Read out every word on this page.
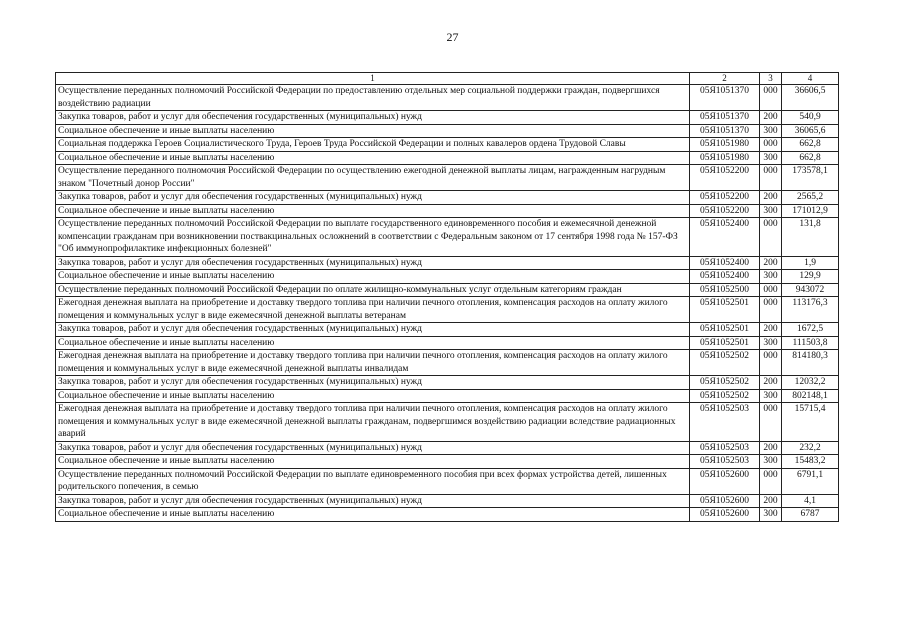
27
1	2	3	4
Осуществление переданных полномочий Российской Федерации по предоставлению отдельных мер социальной поддержки граждан, подвергшихся воздействию радиации	05Я1051370	000	36606,5
Закупка товаров, работ и услуг для обеспечения государственных (муниципальных) нужд	05Я1051370	200	540,9
Социальное обеспечение и иные выплаты населению	05Я1051370	300	36065,6
Социальная поддержка Героев Социалистического Труда, Героев Труда Российской Федерации и полных кавалеров ордена Трудовой Славы	05Я1051980	000	662,8
Социальное обеспечение и иные выплаты населению	05Я1051980	300	662,8
Осуществление переданного полномочия Российской Федерации по осуществлению ежегодной денежной выплаты лицам, награжденным нагрудным знаком "Почетный донор России"	05Я1052200	000	173578,1
Закупка товаров, работ и услуг для обеспечения государственных (муниципальных) нужд	05Я1052200	200	2565,2
Социальное обеспечение и иные выплаты населению	05Я1052200	300	171012,9
Осуществление переданных полномочий Российской Федерации по выплате государственного единовременного пособия и ежемесячной денежной компенсации гражданам при возникновении поствакцинальных осложнений в соответствии с Федеральным законом от 17 сентября 1998 года № 157-ФЗ "Об иммунопрофилактике инфекционных болезней"	05Я1052400	000	131,8
Закупка товаров, работ и услуг для обеспечения государственных (муниципальных) нужд	05Я1052400	200	1,9
Социальное обеспечение и иные выплаты населению	05Я1052400	300	129,9
Осуществление переданных полномочий Российской Федерации по оплате жилищно-коммунальных услуг отдельным категориям граждан	05Я1052500	000	943072
Ежегодная денежная выплата на приобретение и доставку твердого топлива при наличии печного отопления, компенсация расходов на оплату жилого помещения и коммунальных услуг в виде ежемесячной денежной выплаты ветеранам	05Я1052501	000	113176,3
Закупка товаров, работ и услуг для обеспечения государственных (муниципальных) нужд	05Я1052501	200	1672,5
Социальное обеспечение и иные выплаты населению	05Я1052501	300	111503,8
Ежегодная денежная выплата на приобретение и доставку твердого топлива при наличии печного отопления, компенсация расходов на оплату жилого помещения и коммунальных услуг в виде ежемесячной денежной выплаты инвалидам	05Я1052502	000	814180,3
Закупка товаров, работ и услуг для обеспечения государственных (муниципальных) нужд	05Я1052502	200	12032,2
Социальное обеспечение и иные выплаты населению	05Я1052502	300	802148,1
Ежегодная денежная выплата на приобретение и доставку твердого топлива при наличии печного отопления, компенсация расходов на оплату жилого помещения и коммунальных услуг в виде ежемесячной денежной выплаты гражданам, подвергшимся воздействию радиации вследствие радиационных аварий	05Я1052503	000	15715,4
Закупка товаров, работ и услуг для обеспечения государственных (муниципальных) нужд	05Я1052503	200	232,2
Социальное обеспечение и иные выплаты населению	05Я1052503	300	15483,2
Осуществление переданных полномочий Российской Федерации по выплате единовременного пособия при всех формах устройства детей, лишенных родительского попечения, в семью	05Я1052600	000	6791,1
Закупка товаров, работ и услуг для обеспечения государственных (муниципальных) нужд	05Я1052600	200	4,1
Социальное обеспечение и иные выплаты населению	05Я1052600	300	6787
